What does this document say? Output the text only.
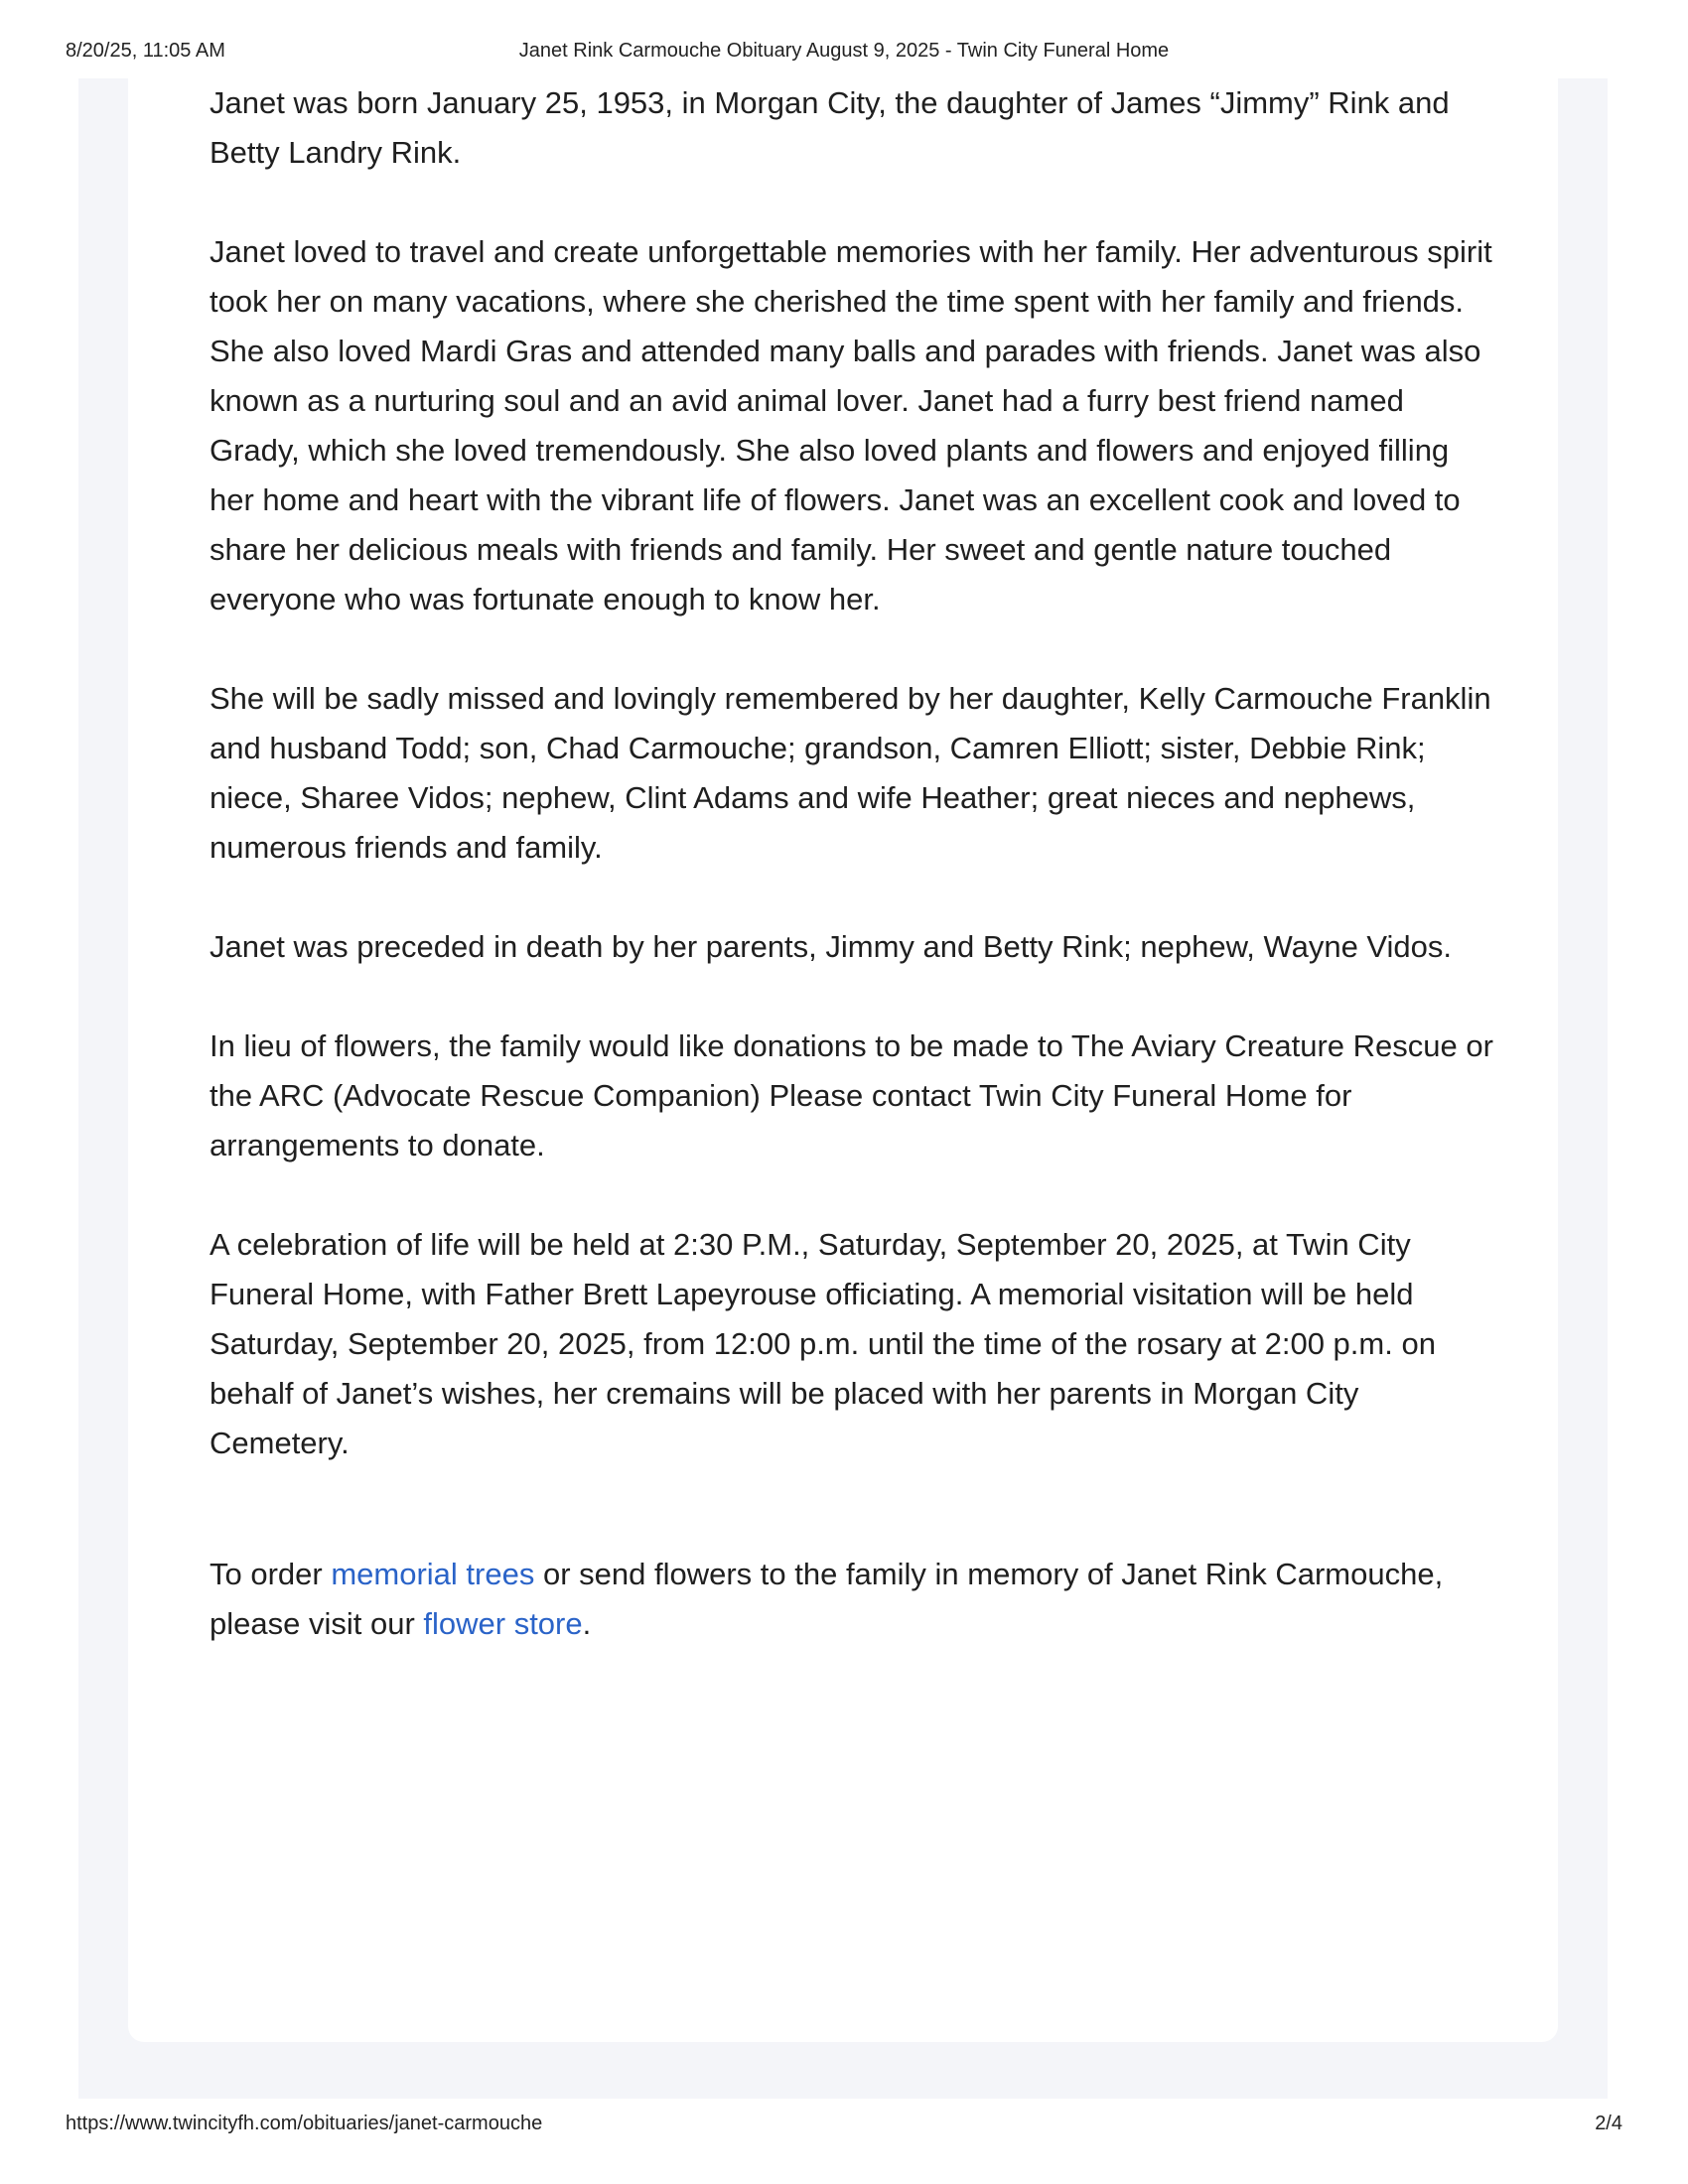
8/20/25, 11:05 AM	Janet Rink Carmouche Obituary August 9, 2025 - Twin City Funeral Home

Janet was born January 25, 1953, in Morgan City, the daughter of James “Jimmy” Rink and Betty Landry Rink.

Janet loved to travel and create unforgettable memories with her family. Her adventurous spirit took her on many vacations, where she cherished the time spent with her family and friends. She also loved Mardi Gras and attended many balls and parades with friends. Janet was also known as a nurturing soul and an avid animal lover. Janet had a furry best friend named Grady, which she loved tremendously. She also loved plants and flowers and enjoyed filling her home and heart with the vibrant life of flowers. Janet was an excellent cook and loved to share her delicious meals with friends and family. Her sweet and gentle nature touched everyone who was fortunate enough to know her.

She will be sadly missed and lovingly remembered by her daughter, Kelly Carmouche Franklin and husband Todd; son, Chad Carmouche; grandson, Camren Elliott; sister, Debbie Rink; niece, Sharee Vidos; nephew, Clint Adams and wife Heather; great nieces and nephews, numerous friends and family.

Janet was preceded in death by her parents, Jimmy and Betty Rink; nephew, Wayne Vidos.

In lieu of flowers, the family would like donations to be made to The Aviary Creature Rescue or the ARC (Advocate Rescue Companion) Please contact Twin City Funeral Home for arrangements to donate.

A celebration of life will be held at 2:30 P.M., Saturday, September 20, 2025, at Twin City Funeral Home, with Father Brett Lapeyrouse officiating. A memorial visitation will be held Saturday, September 20, 2025, from 12:00 p.m. until the time of the rosary at 2:00 p.m. on behalf of Janet’s wishes, her cremains will be placed with her parents in Morgan City Cemetery.

To order memorial trees or send flowers to the family in memory of Janet Rink Carmouche, please visit our flower store.

https://www.twincityfh.com/obituaries/janet-carmouche	2/4
